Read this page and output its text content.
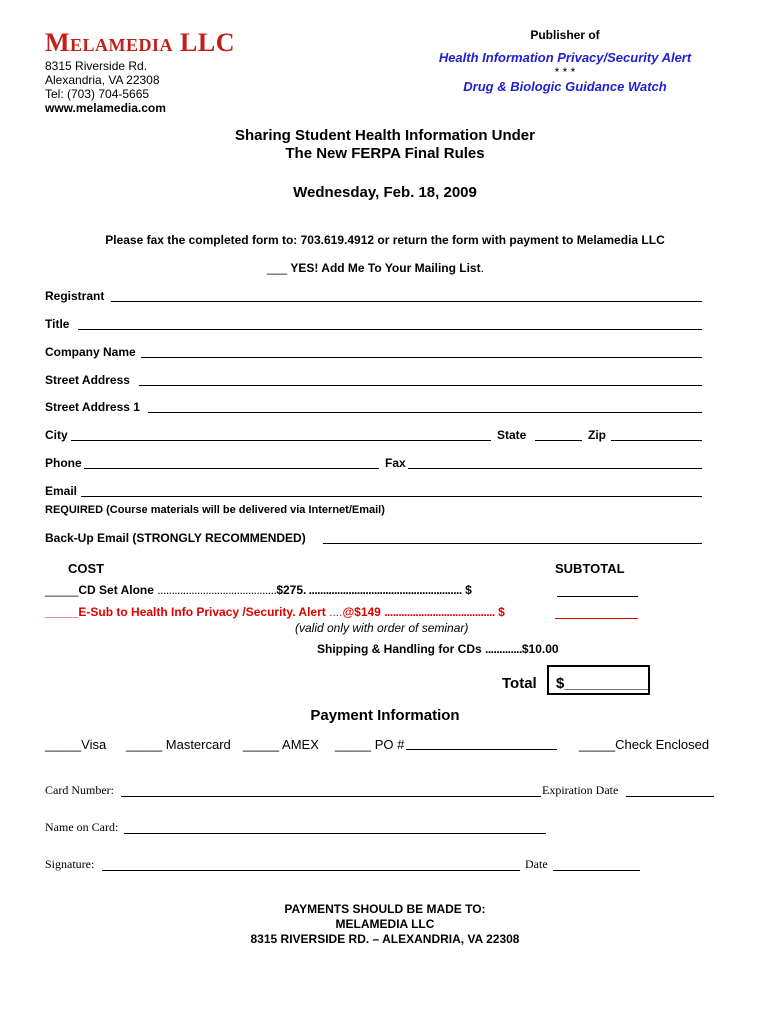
Melamedia LLC
8315 Riverside Rd.
Alexandria, VA 22308
Tel: (703) 704-5665
www.melamedia.com
Publisher of
Health Information Privacy/Security Alert
* * *
Drug & Biologic Guidance Watch
Sharing Student Health Information Under
The New FERPA Final Rules
Wednesday, Feb. 18, 2009
Please fax the completed form to: 703.619.4912 or return the form with payment to Melamedia LLC
___ YES! Add Me To Your Mailing List.
Registrant
Title
Company Name
Street Address
Street Address 1
City	State	Zip
Phone	Fax
Email
REQUIRED (Course materials will be delivered via Internet/Email)
Back-Up Email (STRONGLY RECOMMENDED)
COST	SUBTOTAL
_____CD Set Alone ..........................................$275. ...................................................... $
_____E-Sub to Health Info Privacy /Security. Alert ....@$149 ....................................... $
(valid only with order of seminar)
Shipping & Handling for CDs .............$10.00
Total $__________
Payment Information
_____Visa _____ Mastercard _____ AMEX _____ PO #	_____Check Enclosed
Card Number:	Expiration Date
Name on Card:
Signature:	Date
PAYMENTS SHOULD BE MADE TO:
MELAMEDIA LLC
8315 RIVERSIDE RD. – ALEXANDRIA, VA 22308
